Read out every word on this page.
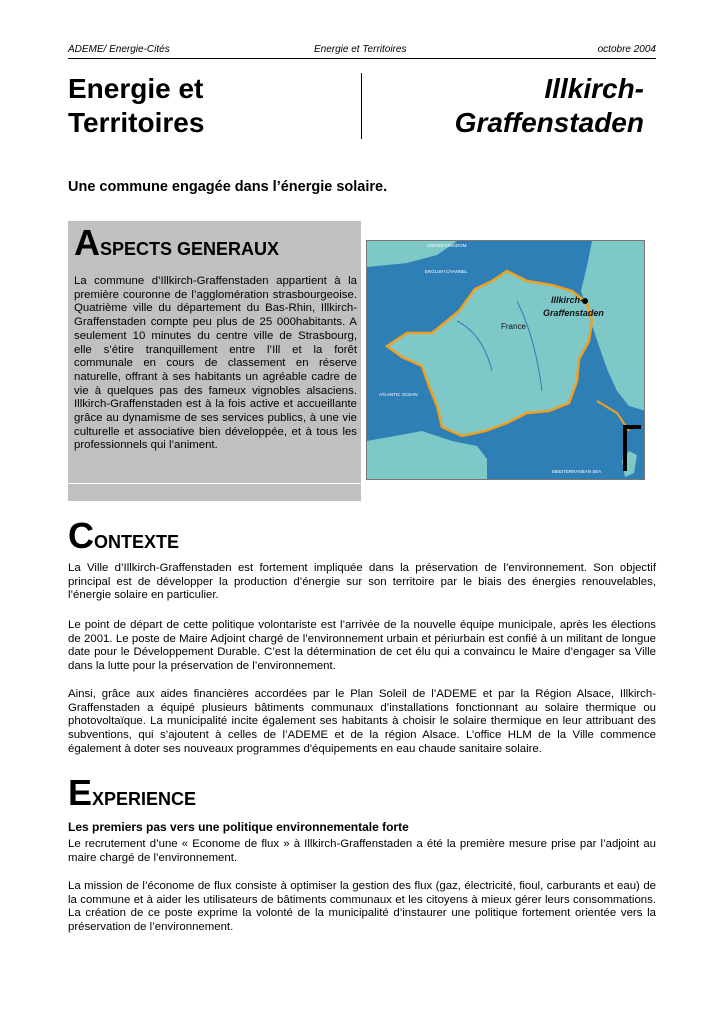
ADEME/ Energie-Cités	Energie et Territoires	octobre 2004
Energie et
Territoires
Illkirch-
Graffenstaden
Une commune engagée dans l’énergie solaire.
ASPECTS GENERAUX

La commune d’Illkirch-Graffenstaden appartient à la première couronne de l’agglomération strasbourgeoise. Quatrième ville du département du Bas-Rhin, Illkirch-Graffenstaden compte peu plus de 25 000habitants. A seulement 10 minutes du centre ville de Strasbourg, elle s’étire tranquillement entre l’Ill et la forêt communale en cours de classement en réserve naturelle, offrant à ses habitants un agréable cadre de vie à quelques pas des fameux vignobles alsaciens. Illkirch-Graffenstaden est à la fois active et accueillante grâce au dynamisme de ses services publics, à une vie culturelle et associative bien développée, et à tous les professionnels qui l’animent.

Illkirch-
Graffenstaden
France
ATLANTIC OCEAN
UNITED KINGDOM
ENGLISH CHANNEL
MEDITERRANEAN SEA
CONTEXTE

La Ville d’Illkirch-Graffenstaden est fortement impliquée dans la préservation de l’environnement. Son objectif principal est de développer la production d’énergie sur son territoire par le biais des énergies renouvelables, l’énergie solaire en particulier.

Le point de départ de cette politique volontariste est l’arrivée de la nouvelle équipe municipale, après les élections de 2001. Le poste de Maire Adjoint chargé de l’environnement urbain et périurbain est confié à un militant de longue date pour le Développement Durable. C’est la détermination de cet élu qui a convaincu le Maire d’engager sa Ville dans la lutte pour la préservation de l’environnement.

Ainsi, grâce aux aides financières accordées par le Plan Soleil de l’ADEME et par la Région Alsace, Illkirch-Graffenstaden a équipé plusieurs bâtiments communaux d’installations fonctionnant au solaire thermique ou photovoltaïque. La municipalité incite également ses habitants à choisir le solaire thermique en leur attribuant des subventions, qui s’ajoutent à celles de l’ADEME et de la région Alsace. L’office HLM de la Ville commence également à doter ses nouveaux programmes d'équipements en eau chaude sanitaire solaire.

EXPERIENCE
Les premiers pas vers une politique environnementale forte

Le recrutement d’une « Econome de flux » à Illkirch-Graffenstaden a été la première mesure prise par l’adjoint au maire chargé de l’environnement.

La mission de l’économe de flux consiste à optimiser la gestion des flux (gaz, électricité, fioul, carburants et eau) de la commune et à aider les utilisateurs de bâtiments communaux et les citoyens à mieux gérer leurs consommations. La création de ce poste exprime la volonté de la municipalité d’instaurer une politique fortement orientée vers la préservation de l’environnement.
